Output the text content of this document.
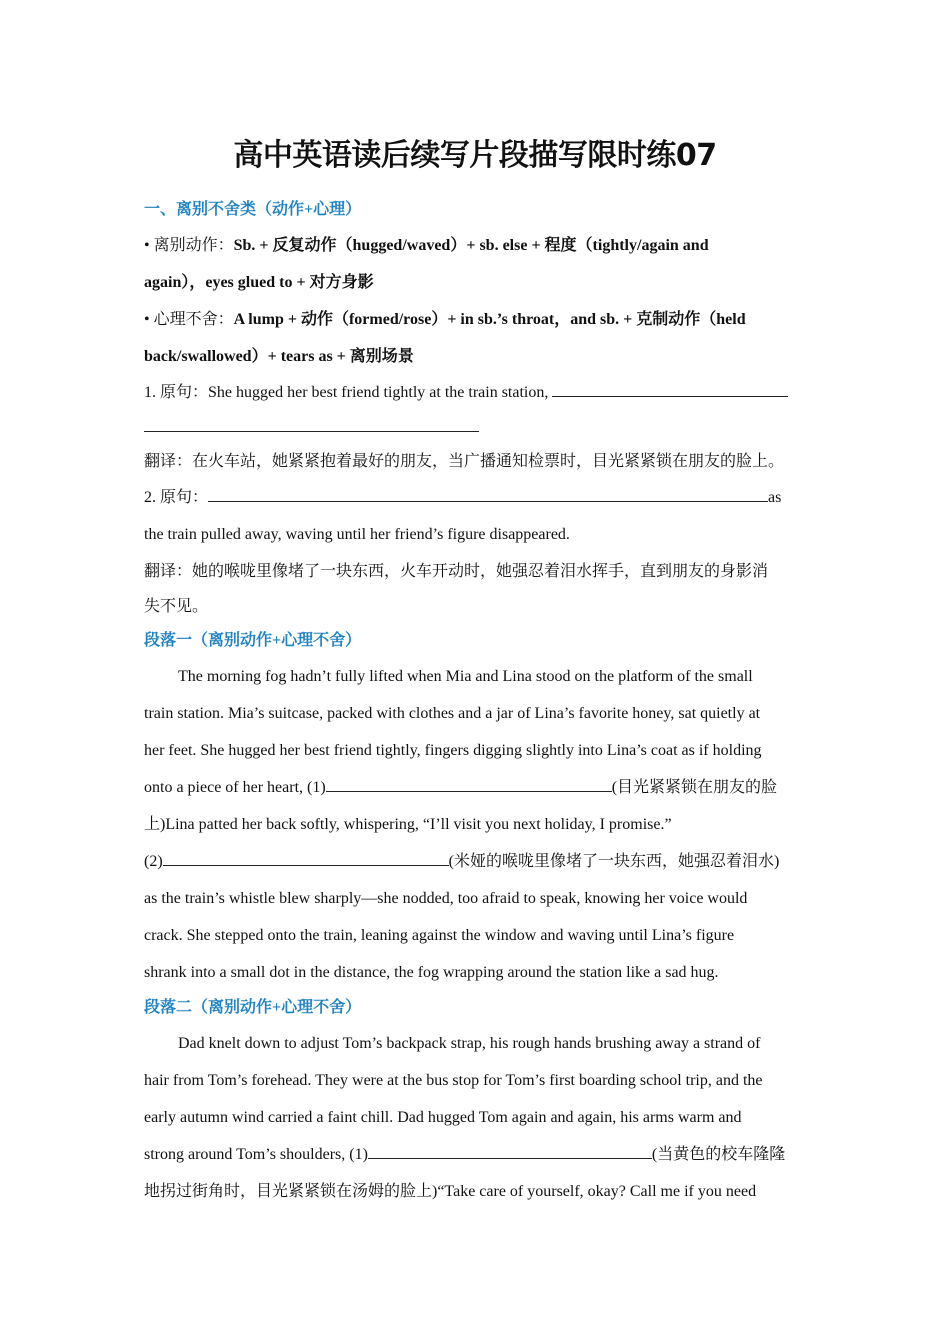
高中英语读后续写片段描写限时练07
一、离别不舍类（动作+心理）
• 离别动作：Sb. + 反复动作（hugged/waved）+ sb. else + 程度（tightly/again and
again），eyes glued to + 对方身影
• 心理不舍：A lump + 动作（formed/rose）+ in sb.’s throat，and sb. + 克制动作（held
back/swallowed）+ tears as + 离别场景
1. 原句：She hugged her best friend tightly at the train station,
翻译：在火车站，她紧紧抱着最好的朋友，当广播通知检票时，目光紧紧锁在朋友的脸上。
2. 原句：	as
the train pulled away, waving until her friend’s figure disappeared.
翻译：她的喉咙里像堵了一块东西，火车开动时，她强忍着泪水挥手，直到朋友的身影消
失不见。
段落一（离别动作+心理不舍）
The morning fog hadn’t fully lifted when Mia and Lina stood on the platform of the small
train station. Mia’s suitcase, packed with clothes and a jar of Lina’s favorite honey, sat quietly at
her feet. She hugged her best friend tightly, fingers digging slightly into Lina’s coat as if holding
onto a piece of her heart, (1)	(目光紧紧锁在朋友的脸
上)Lina patted her back softly, whispering, “I’ll visit you next holiday, I promise.”
(2)	(米娅的喉咙里像堵了一块东西，她强忍着泪水)
as the train’s whistle blew sharply—she nodded, too afraid to speak, knowing her voice would
crack. She stepped onto the train, leaning against the window and waving until Lina’s figure
shrank into a small dot in the distance, the fog wrapping around the station like a sad hug.
段落二（离别动作+心理不舍）
Dad knelt down to adjust Tom’s backpack strap, his rough hands brushing away a strand of
hair from Tom’s forehead. They were at the bus stop for Tom’s first boarding school trip, and the
early autumn wind carried a faint chill. Dad hugged Tom again and again, his arms warm and
strong around Tom’s shoulders, (1)	(当黄色的校车隆隆
地拐过街角时，目光紧紧锁在汤姆的脸上)“Take care of yourself, okay? Call me if you need
